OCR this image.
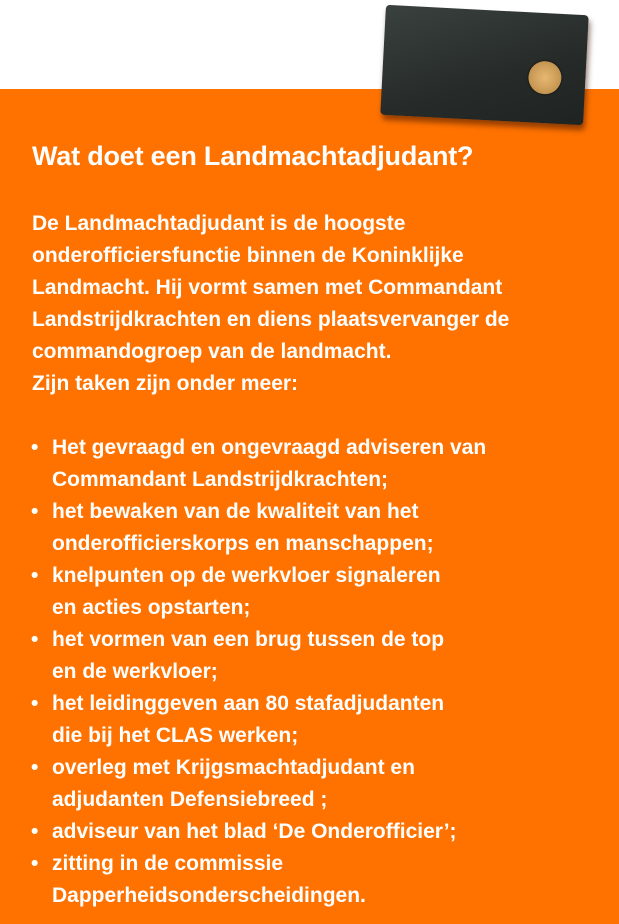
Wat doet een Landmachtadjudant?
De Landmachtadjudant is de hoogste
onderofficiersfunctie binnen de Koninklijke
Landmacht. Hij vormt samen met Commandant
Landstrijdkrachten en diens plaatsvervanger de
commandogroep van de landmacht.
Zijn taken zijn onder meer:
• Het gevraagd en ongevraagd adviseren van
Commandant Landstrijdkrachten;
• het bewaken van de kwaliteit van het
onderofficierskorps en manschappen;
• knelpunten op de werkvloer signaleren
en acties opstarten;
• het vormen van een brug tussen de top
en de werkvloer;
• het leidinggeven aan 80 stafadjudanten
die bij het CLAS werken;
• overleg met Krijgsmachtadjudant en
adjudanten Defensiebreed ;
• adviseur van het blad ‘De Onderofficier’;
• zitting in de commissie
Dapperheidsonderscheidingen.
